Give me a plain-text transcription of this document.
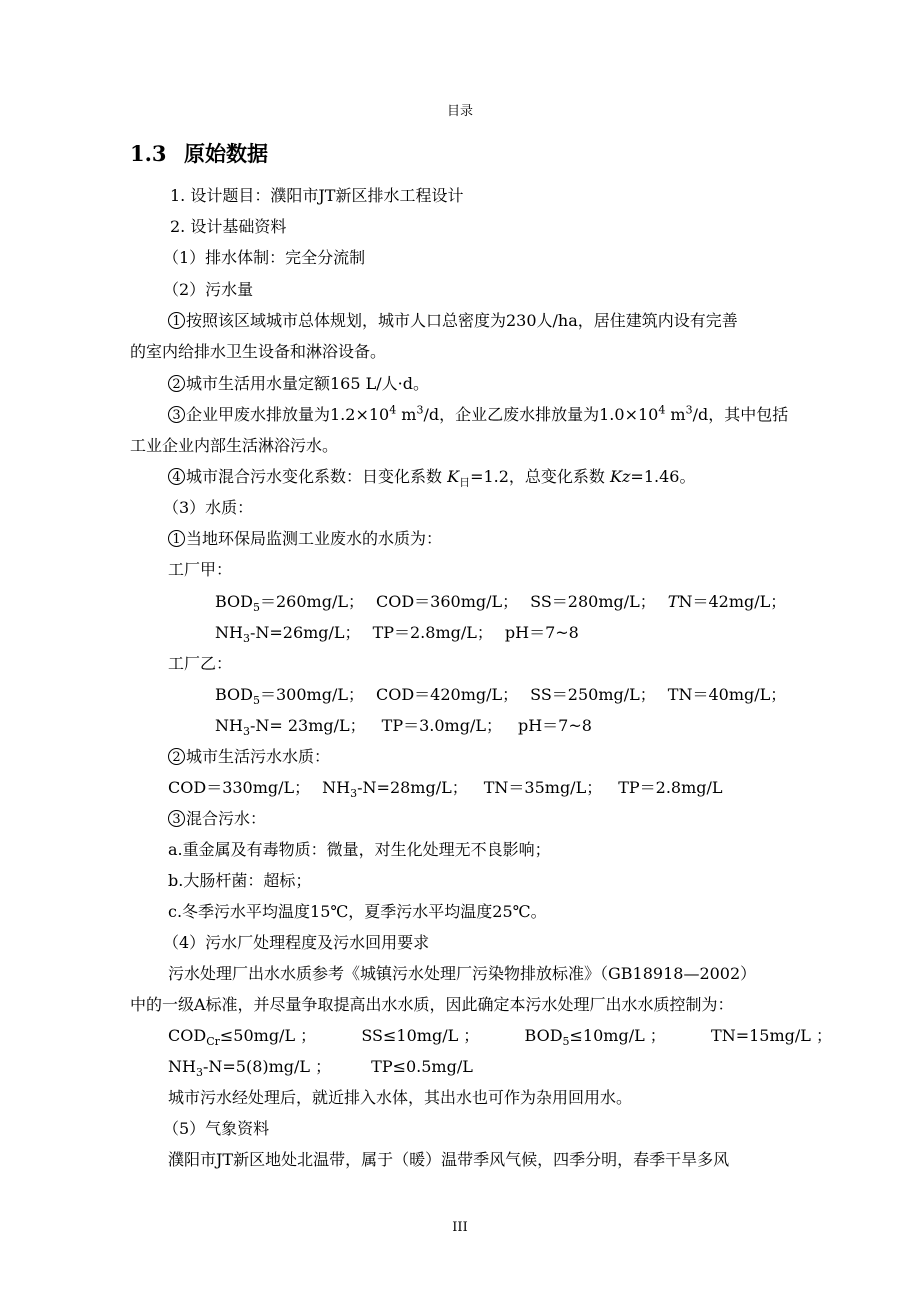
目录
1.3 原始数据
1. 设计题目：濮阳市JT新区排水工程设计
2. 设计基础资料
（1）排水体制：完全分流制
（2）污水量
1 按照该区域城市总体规划，城市人口总密度为230人/ha，居住建筑内设有完善
的室内给排水卫生设备和淋浴设备。
2 城市生活用水量定额165 L/人·d。
3 企业甲废水排放量为$1.2\times 10^4$ $m^3/d$，企业乙废水排放量为$1.0\times 10^4$ $m^3/d$，其中包括
工业企业内部生活淋浴污水。
4 城市混合污水变化系数：日变化系数 $K_日=1.2$，总变化系数 Kz=1.46。
（3）水质：
1 当地环保局监测工业废水的水质为：
工厂甲：
$BOD_5=260mg/L$； COD＝360mg/L； SS＝280mg/L； TN＝42mg/L；
$NH_3-N=26mg/L$； TP＝2.8mg/L； pH＝7~8
工厂乙：
$BOD_5=300mg/L$； COD＝420mg/L； SS＝250mg/L； TN＝40mg/L；
$NH_3-N= 23mg/L$； TP＝3.0mg/L； pH＝7~8
2 城市生活污水水质：
COD＝330mg/L； $NH_3-N=28mg/L$； TN＝35mg/L； TP＝2.8mg/L
3 混合污水：
a.重金属及有毒物质：微量，对生化处理无不良影响；
b.大肠杆菌：超标；
c.冬季污水平均温度15℃，夏季污水平均温度25℃。
（4）污水厂处理程度及污水回用要求
污水处理厂出水水质参考《城镇污水处理厂污染物排放标准》（GB18918—2002）
中的一级A标准，并尽量争取提高出水水质，因此确定本污水处理厂出水水质控制为：
$COD_{Cr}\le 50mg/L$ ；	SS≤10mg/L ；	$BOD_5\le 10mg/L$ ；	TN=15mg/L ；
$NH_3-N=5(8)mg/L$ ；	TP≤0.5mg/L
城市污水经处理后，就近排入水体，其出水也可作为杂用回用水。
（5）气象资料
濮阳市JT新区地处北温带，属于（暖）温带季风气候，四季分明，春季干旱多风
III
